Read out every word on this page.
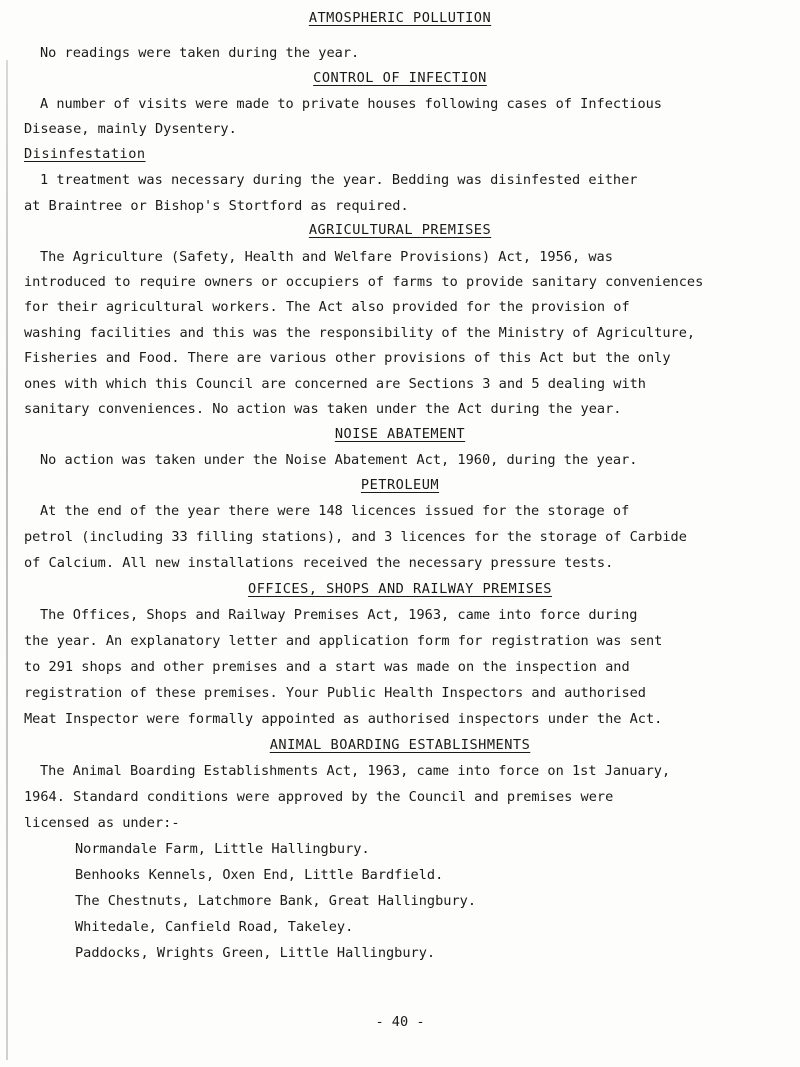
ATMOSPHERIC POLLUTION
No readings were taken during the year.
CONTROL OF INFECTION
A number of visits were made to private houses following cases of Infectious
Disease, mainly Dysentery.
Disinfestation
1 treatment was necessary during the year. Bedding was disinfested either
at Braintree or Bishop's Stortford as required.
AGRICULTURAL PREMISES
The Agriculture (Safety, Health and Welfare Provisions) Act, 1956, was
introduced to require owners or occupiers of farms to provide sanitary conveniences
for their agricultural workers. The Act also provided for the provision of
washing facilities and this was the responsibility of the Ministry of Agriculture,
Fisheries and Food. There are various other provisions of this Act but the only
ones with which this Council are concerned are Sections 3 and 5 dealing with
sanitary conveniences. No action was taken under the Act during the year.
NOISE ABATEMENT
No action was taken under the Noise Abatement Act, 1960, during the year.
PETROLEUM
At the end of the year there were 148 licences issued for the storage of
petrol (including 33 filling stations), and 3 licences for the storage of Carbide
of Calcium. All new installations received the necessary pressure tests.
OFFICES, SHOPS AND RAILWAY PREMISES
The Offices, Shops and Railway Premises Act, 1963, came into force during
the year. An explanatory letter and application form for registration was sent
to 291 shops and other premises and a start was made on the inspection and
registration of these premises. Your Public Health Inspectors and authorised
Meat Inspector were formally appointed as authorised inspectors under the Act.
ANIMAL BOARDING ESTABLISHMENTS
The Animal Boarding Establishments Act, 1963, came into force on 1st January,
1964. Standard conditions were approved by the Council and premises were
licensed as under:-
Normandale Farm, Little Hallingbury.
Benhooks Kennels, Oxen End, Little Bardfield.
The Chestnuts, Latchmore Bank, Great Hallingbury.
Whitedale, Canfield Road, Takeley.
Paddocks, Wrights Green, Little Hallingbury.
- 40 -
